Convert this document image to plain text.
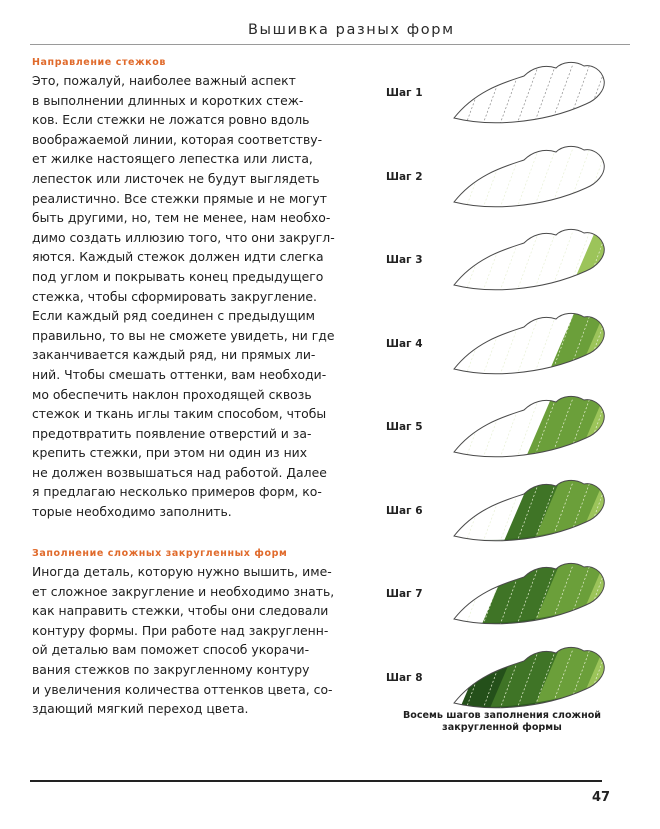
Вышивка разных форм
Направление стежков
Это, пожалуй, наиболее важный аспект
в выполнении длинных и коротких стеж-
ков. Если стежки не ложатся ровно вдоль
воображаемой линии, которая соответству-
ет жилке настоящего лепестка или листа,
лепесток или листочек не будут выглядеть
реалистично. Все стежки прямые и не могут
быть другими, но, тем не менее, нам необхо-
димо создать иллюзию того, что они закругл-
яются. Каждый стежок должен идти слегка
под углом и покрывать конец предыдущего
стежка, чтобы сформировать закругление.
Если каждый ряд соединен с предыдущим
правильно, то вы не сможете увидеть, ни где
заканчивается каждый ряд, ни прямых ли-
ний. Чтобы смешать оттенки, вам необходи-
мо обеспечить наклон проходящей сквозь
стежок и ткань иглы таким способом, чтобы
предотвратить появление отверстий и за-
крепить стежки, при этом ни один из них
не должен возвышаться над работой. Далее
я предлагаю несколько примеров форм, ко-
торые необходимо заполнить.
Заполнение сложных закругленных форм
Иногда деталь, которую нужно вышить, име-
ет сложное закругление и необходимо знать,
как направить стежки, чтобы они следовали
контуру формы. При работе над закругленн-
ой деталью вам поможет способ укорачи-
вания стежков по закругленному контуру
и увеличения количества оттенков цвета, со-
здающий мягкий переход цвета.
Шаг 1
Шаг 2
Шаг 3
Шаг 4
Шаг 5
Шаг 6
Шаг 7
Шаг 8
Восемь шагов заполнения сложной
закругленной формы
47
